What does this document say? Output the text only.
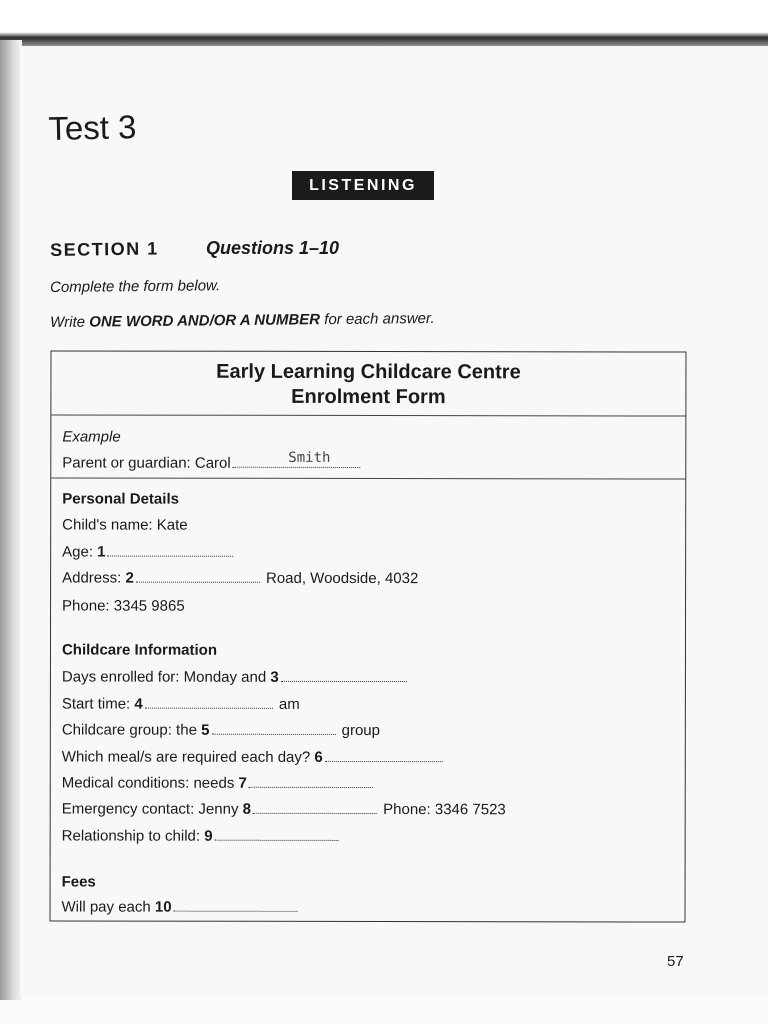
Test 3
LISTENING
SECTION 1	Questions 1–10
Complete the form below.
Write ONE WORD AND/OR A NUMBER for each answer.
Early Learning Childcare Centre
Enrolment Form
Example
Parent or guardian: Carol	Smith
Personal Details
Child's name: Kate
Age: 1
Address: 2	Road, Woodside, 4032
Phone: 3345 9865
Childcare Information
Days enrolled for: Monday and 3
Start time: 4	am
Childcare group: the 5	group
Which meal/s are required each day? 6
Medical conditions: needs 7
Emergency contact: Jenny 8	Phone: 3346 7523
Relationship to child: 9
Fees
Will pay each 10
57
